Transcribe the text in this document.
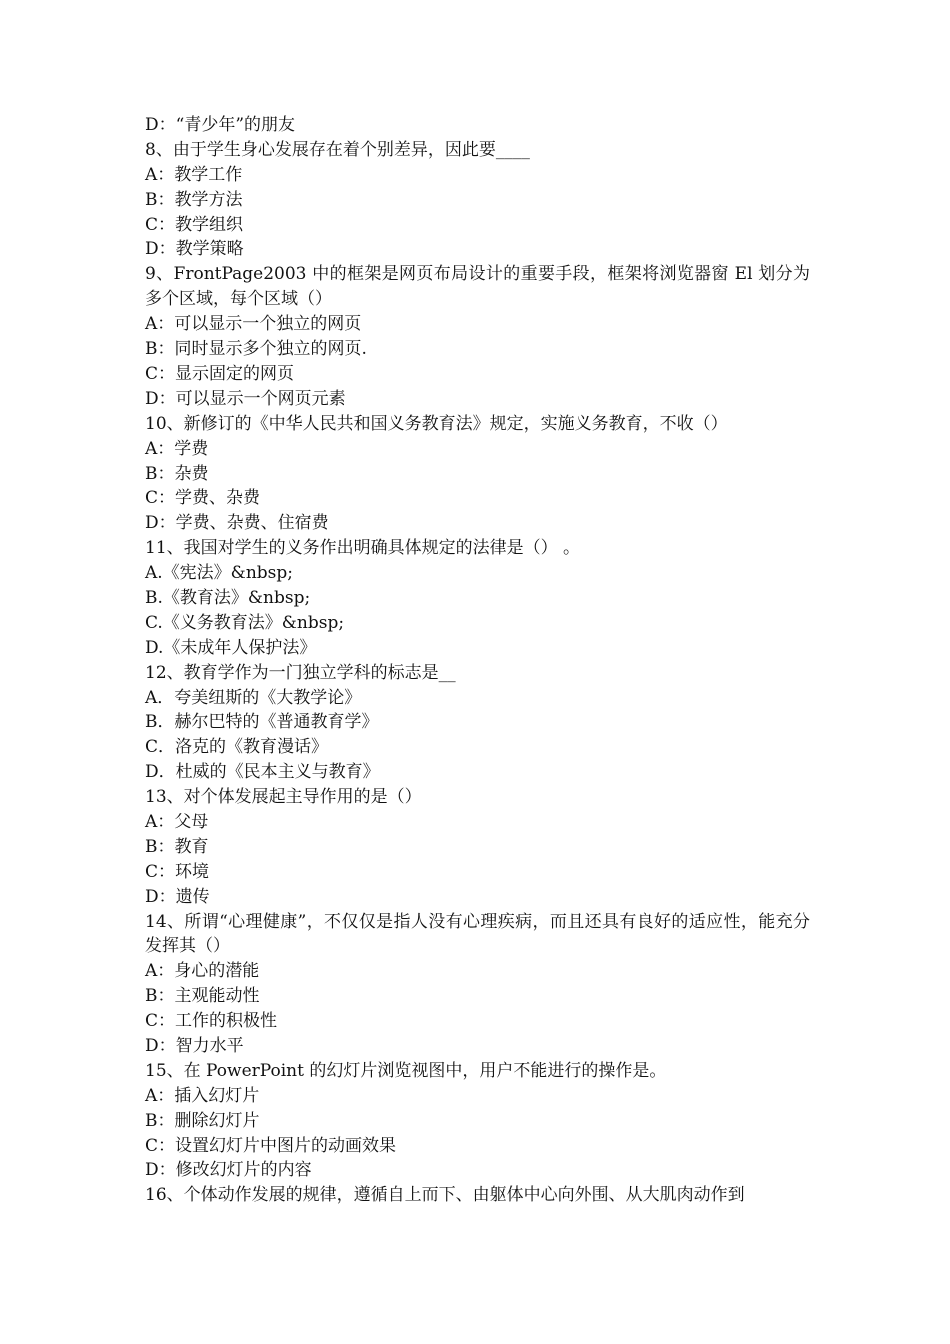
D：“青少年”的朋友
8、由于学生身心发展存在着个别差异，因此要____
A：教学工作
B：教学方法
C：教学组织
D：教学策略
9、FrontPage2003 中的框架是网页布局设计的重要手段，框架将浏览器窗 El 划分为多个区域，每个区域（）
A：可以显示一个独立的网页
B：同时显示多个独立的网页.
C：显示固定的网页
D：可以显示一个网页元素
10、新修订的《中华人民共和国义务教育法》规定，实施义务教育，不收（）
A：学费
B：杂费
C：学费、杂费
D：学费、杂费、住宿费
11、我国对学生的义务作出明确具体规定的法律是（） 。
A.《宪法》&nbsp;
B.《教育法》&nbsp;
C.《义务教育法》&nbsp;
D.《未成年人保护法》
12、教育学作为一门独立学科的标志是__
A．夸美纽斯的《大教学论》
B．赫尔巴特的《普通教育学》
C．洛克的《教育漫话》
D．杜威的《民本主义与教育》
13、对个体发展起主导作用的是（）
A：父母
B：教育
C：环境
D：遗传
14、所谓“心理健康”，不仅仅是指人没有心理疾病，而且还具有良好的适应性，能充分发挥其（）
A：身心的潜能
B：主观能动性
C：工作的积极性
D：智力水平
15、在 PowerPoint 的幻灯片浏览视图中，用户不能进行的操作是。
A：插入幻灯片
B：删除幻灯片
C：设置幻灯片中图片的动画效果
D：修改幻灯片的内容
16、个体动作发展的规律，遵循自上而下、由躯体中心向外围、从大肌肉动作到
